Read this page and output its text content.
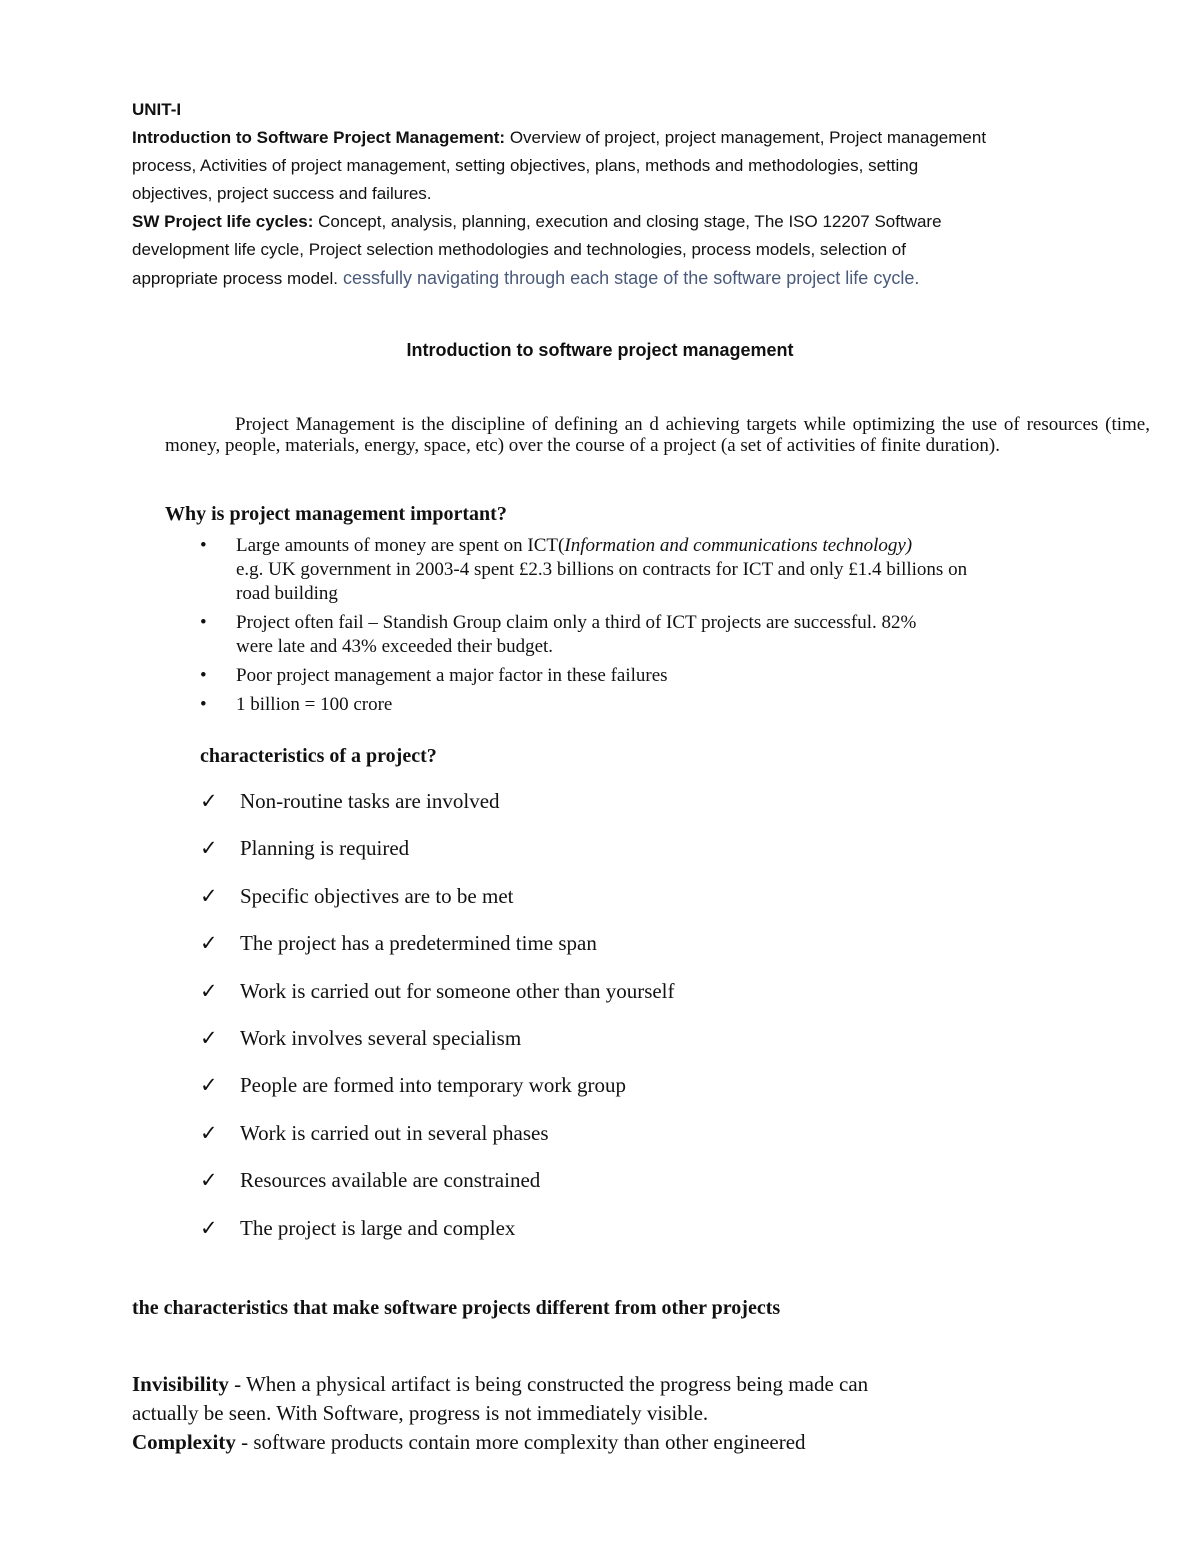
UNIT-I
Introduction to Software Project Management: Overview of project, project management, Project management
process, Activities of project management, setting objectives, plans, methods and methodologies, setting
objectives, project success and failures.
SW Project life cycles: Concept, analysis, planning, execution and closing stage, The ISO 12207 Software
development life cycle, Project selection methodologies and technologies, process models, selection of
appropriate process model. cessfully navigating through each stage of the software project life cycle.
Introduction to software project management
Project Management is the discipline of defining an d achieving targets while optimizing the use of resources (time, money, people, materials, energy, space, etc) over the course of a project (a set of activities of finite duration).
Why is project management important?
• Large amounts of money are spent on ICT(Information and communications technology)
e.g. UK government in 2003-4 spent £2.3 billions on contracts for ICT and only £1.4 billions on
road building
• Project often fail – Standish Group claim only a third of ICT projects are successful. 82%
were late and 43% exceeded their budget.
• Poor project management a major factor in these failures
• 1 billion = 100 crore
characteristics of a project?
✓	Non-routine tasks are involved
✓	Planning is required
✓	Specific objectives are to be met
✓	The project has a predetermined time span
✓	Work is carried out for someone other than yourself
✓	Work involves several specialism
✓	People are formed into temporary work group
✓	Work is carried out in several phases
✓	Resources available are constrained
✓	The project is large and complex
the characteristics that make software projects different from other projects
Invisibility - When a physical artifact is being constructed the progress being made can
actually be seen. With Software, progress is not immediately visible.
Complexity - software products contain more complexity than other engineered
